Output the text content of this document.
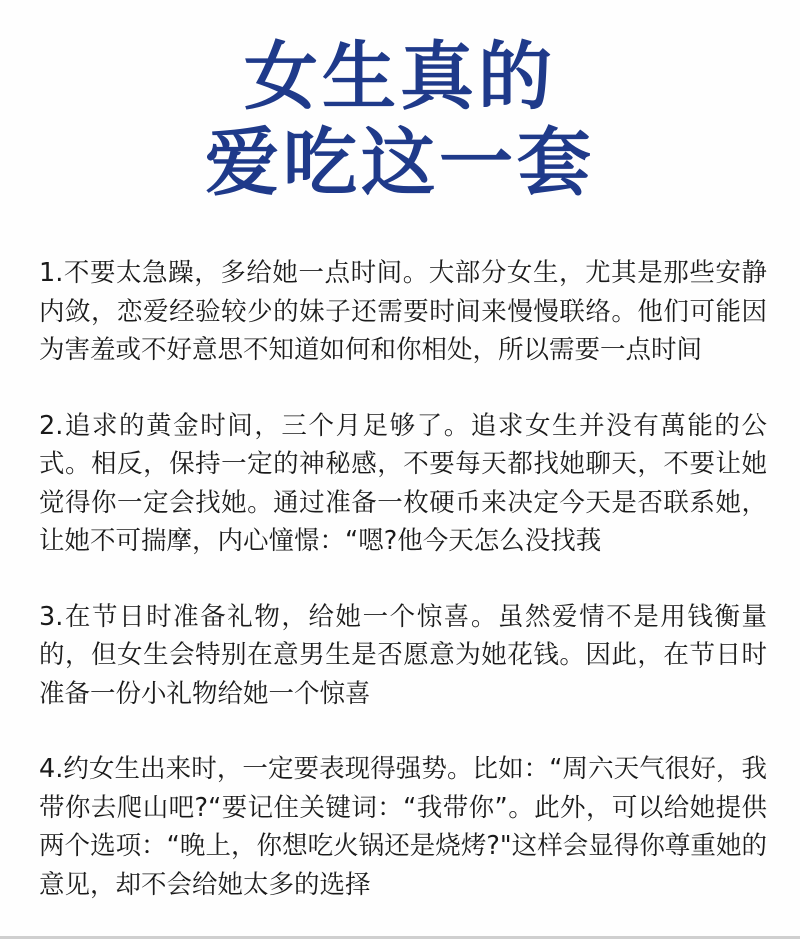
女生真的
爱吃这一套

1.不要太急躁，多给她一点时间。大部分女生，尤其是那些安静内敛，恋爱经验较少的妹子还需要时间来慢慢联络。他们可能因为害羞或不好意思不知道如何和你相处，所以需要一点时间

2.追求的黄金时间，三个月足够了。追求女生并没有萬能的公式。相反，保持一定的神秘感，不要每天都找她聊天，不要让她觉得你一定会找她。通过准备一枚硬币来决定今天是否联系她，让她不可揣摩，内心憧憬：“嗯?他今天怎么没找莪

3.在节日时准备礼物，给她一个惊喜。虽然爱情不是用钱衡量的，但女生会特别在意男生是否愿意为她花钱。因此，在节日时准备一份小礼物给她一个惊喜

4.约女生出来时，一定要表现得强势。比如：“周六天气很好，我带你去爬山吧?“要记住关键词：“我带你”。此外，可以给她提供两个选项：“晚上，你想吃火锅还是烧烤?"这样会显得你尊重她的意见，却不会给她太多的选择
